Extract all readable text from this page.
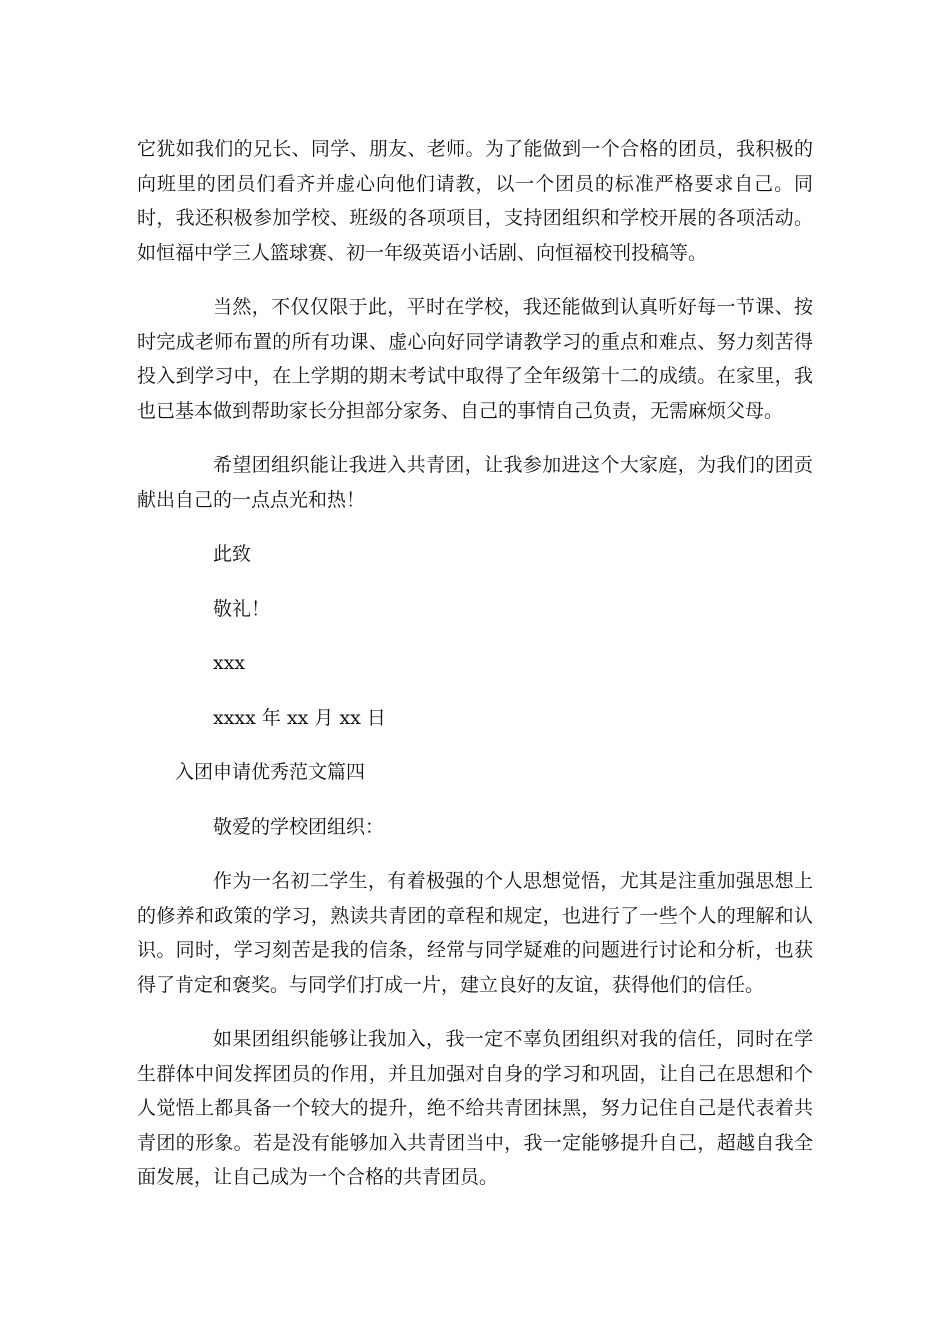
它犹如我们的兄长、同学、朋友、老师。为了能做到一个合格的团员，我积极的向班里的团员们看齐并虚心向他们请教，以一个团员的标准严格要求自己。同时，我还积极参加学校、班级的各项项目，支持团组织和学校开展的各项活动。如恒福中学三人篮球赛、初一年级英语小话剧、向恒福校刊投稿等。

当然，不仅仅限于此，平时在学校，我还能做到认真听好每一节课、按时完成老师布置的所有功课、虚心向好同学请教学习的重点和难点、努力刻苦得投入到学习中，在上学期的期末考试中取得了全年级第十二的成绩。在家里，我也已基本做到帮助家长分担部分家务、自己的事情自己负责，无需麻烦父母。

希望团组织能让我进入共青团，让我参加进这个大家庭，为我们的团贡献出自己的一点点光和热！

此致

敬礼！

xxx

xxxx 年 xx 月 xx 日

入团申请优秀范文篇四

敬爱的学校团组织：

作为一名初二学生，有着极强的个人思想觉悟，尤其是注重加强思想上的修养和政策的学习，熟读共青团的章程和规定，也进行了一些个人的理解和认识。同时，学习刻苦是我的信条，经常与同学疑难的问题进行讨论和分析，也获得了肯定和褒奖。与同学们打成一片，建立良好的友谊，获得他们的信任。

如果团组织能够让我加入，我一定不辜负团组织对我的信任，同时在学生群体中间发挥团员的作用，并且加强对自身的学习和巩固，让自己在思想和个人觉悟上都具备一个较大的提升，绝不给共青团抹黑，努力记住自己是代表着共青团的形象。若是没有能够加入共青团当中，我一定能够提升自己，超越自我全面发展，让自己成为一个合格的共青团员。
